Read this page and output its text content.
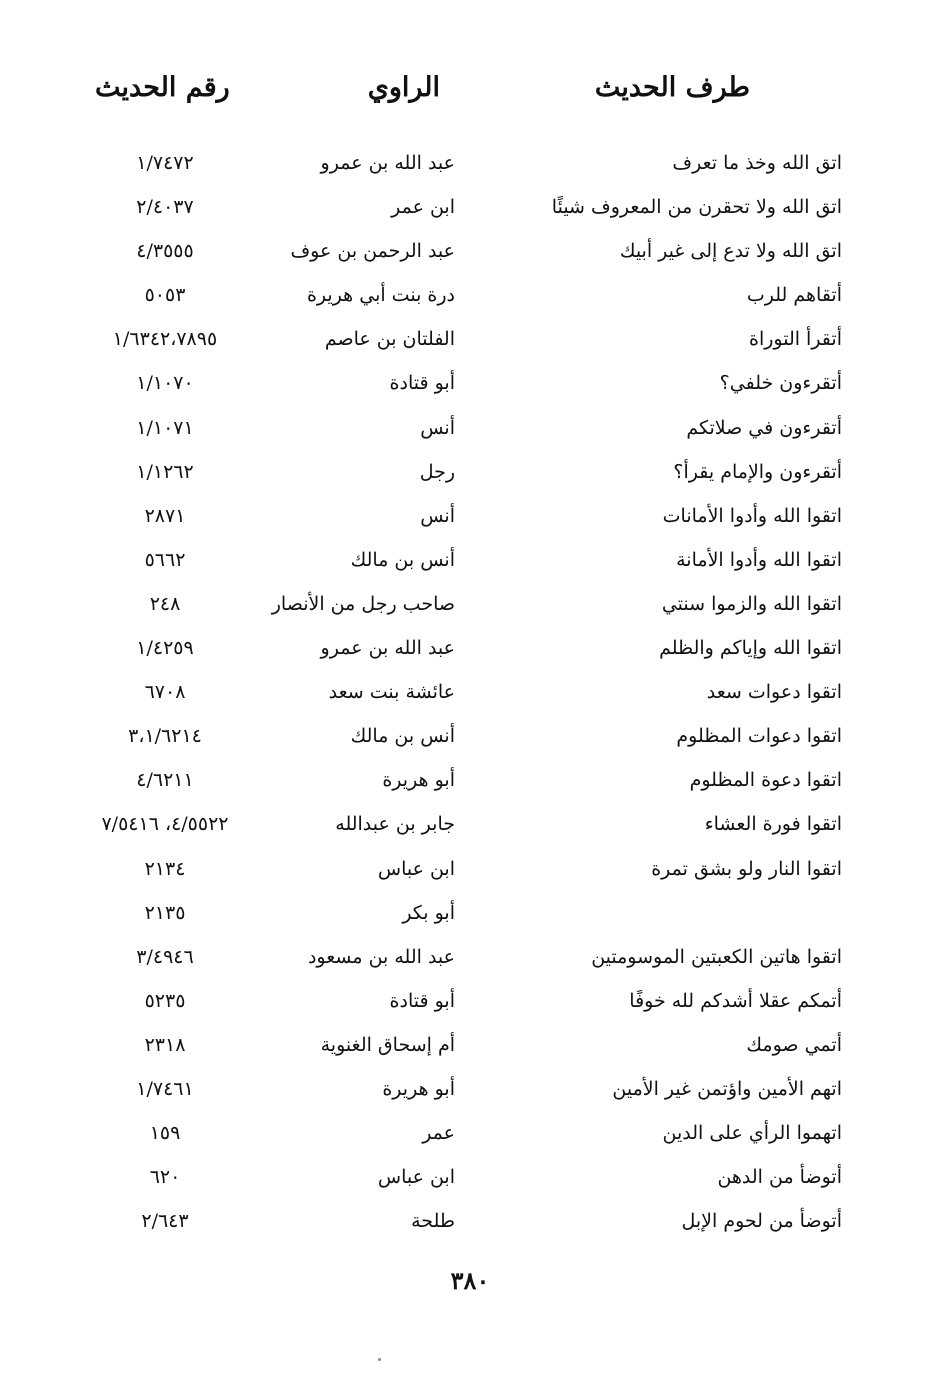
طرف الحديث
الراوي
رقم الحديث
اتق الله وخذ ما تعرف
عبد الله بن عمرو
١/٧٤٧٢
اتق الله ولا تحقرن من المعروف شيئًا
ابن عمر
٢/٤٠٣٧
اتق الله ولا تدع إلى غير أبيك
عبد الرحمن بن عوف
٤/٣٥٥٥
أتقاهم للرب
درة بنت أبي هريرة
٥٠٥٣
أتقرأ التوراة
الفلتان بن عاصم
١/٦٣٤٢،٧٨٩٥
أتقرءون خلفي؟
أبو قتادة
١/١٠٧٠
أتقرءون في صلاتكم
أنس
١/١٠٧١
أتقرءون والإمام يقرأ؟
رجل
١/١٢٦٢
اتقوا الله وأدوا الأمانات
أنس
٢٨٧١
اتقوا الله وأدوا الأمانة
أنس بن مالك
٥٦٦٢
اتقوا الله والزموا سنتي
صاحب رجل من الأنصار
٢٤٨
اتقوا الله وإياكم والظلم
عبد الله بن عمرو
١/٤٢٥٩
اتقوا دعوات سعد
عائشة بنت سعد
٦٧٠٨
اتقوا دعوات المظلوم
أنس بن مالك
٣،١/٦٢١٤
اتقوا دعوة المظلوم
أبو هريرة
٤/٦٢١١
اتقوا فورة العشاء
جابر بن عبدالله
٤/٥٥٢٢، ٧/٥٤١٦
اتقوا النار ولو بشق تمرة
ابن عباس
٢١٣٤
أبو بكر
٢١٣٥
اتقوا هاتين الكعبتين الموسومتين
عبد الله بن مسعود
٣/٤٩٤٦
أتمكم عقلا أشدكم لله خوفًا
أبو قتادة
٥٢٣٥
أتمي صومك
أم إسحاق الغنوية
٢٣١٨
اتهم الأمين واؤتمن غير الأمين
أبو هريرة
١/٧٤٦١
اتهموا الرأي على الدين
عمر
١٥٩
أتوضأ من الدهن
ابن عباس
٦٢٠
أتوضأ من لحوم الإبل
طلحة
٢/٦٤٣
٣٨٠
